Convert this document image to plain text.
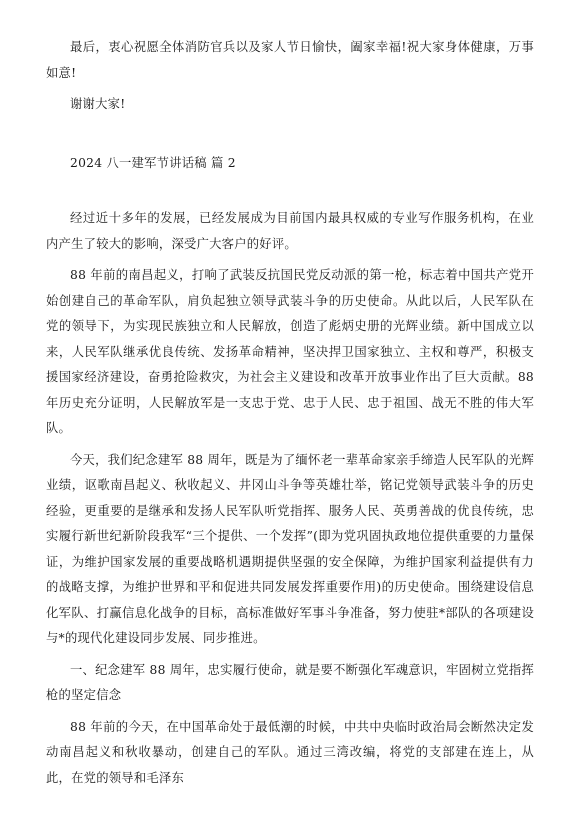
最后，衷心祝愿全体消防官兵以及家人节日愉快，阖家幸福!祝大家身体健康，万事如意!

谢谢大家!

2024 八一建军节讲话稿 篇 2

经过近十多年的发展，已经发展成为目前国内最具权威的专业写作服务机构，在业内产生了较大的影响，深受广大客户的好评。

88 年前的南昌起义，打响了武装反抗国民党反动派的第一枪，标志着中国共产党开始创建自己的革命军队，肩负起独立领导武装斗争的历史使命。从此以后，人民军队在党的领导下，为实现民族独立和人民解放，创造了彪炳史册的光辉业绩。新中国成立以来，人民军队继承优良传统、发扬革命精神，坚决捍卫国家独立、主权和尊严，积极支援国家经济建设，奋勇抢险救灾，为社会主义建设和改革开放事业作出了巨大贡献。88 年历史充分证明，人民解放军是一支忠于党、忠于人民、忠于祖国、战无不胜的伟大军队。

今天，我们纪念建军 88 周年，既是为了缅怀老一辈革命家亲手缔造人民军队的光辉业绩，讴歌南昌起义、秋收起义、井冈山斗争等英雄壮举，铭记党领导武装斗争的历史经验，更重要的是继承和发扬人民军队听党指挥、服务人民、英勇善战的优良传统，忠实履行新世纪新阶段我军“三个提供、一个发挥”(即为党巩固执政地位提供重要的力量保证，为维护国家发展的重要战略机遇期提供坚强的安全保障，为维护国家利益提供有力的战略支撑，为维护世界和平和促进共同发展发挥重要作用)的历史使命。围绕建设信息化军队、打赢信息化战争的目标，高标准做好军事斗争准备，努力使驻*部队的各项建设与*的现代化建设同步发展、同步推进。

一、纪念建军 88 周年，忠实履行使命，就是要不断强化军魂意识，牢固树立党指挥枪的坚定信念

88 年前的今天，在中国革命处于最低潮的时候，中共中央临时政治局会断然决定发动南昌起义和秋收暴动，创建自己的军队。通过三湾改编，将党的支部建在连上，从此，在党的领导和毛泽东
